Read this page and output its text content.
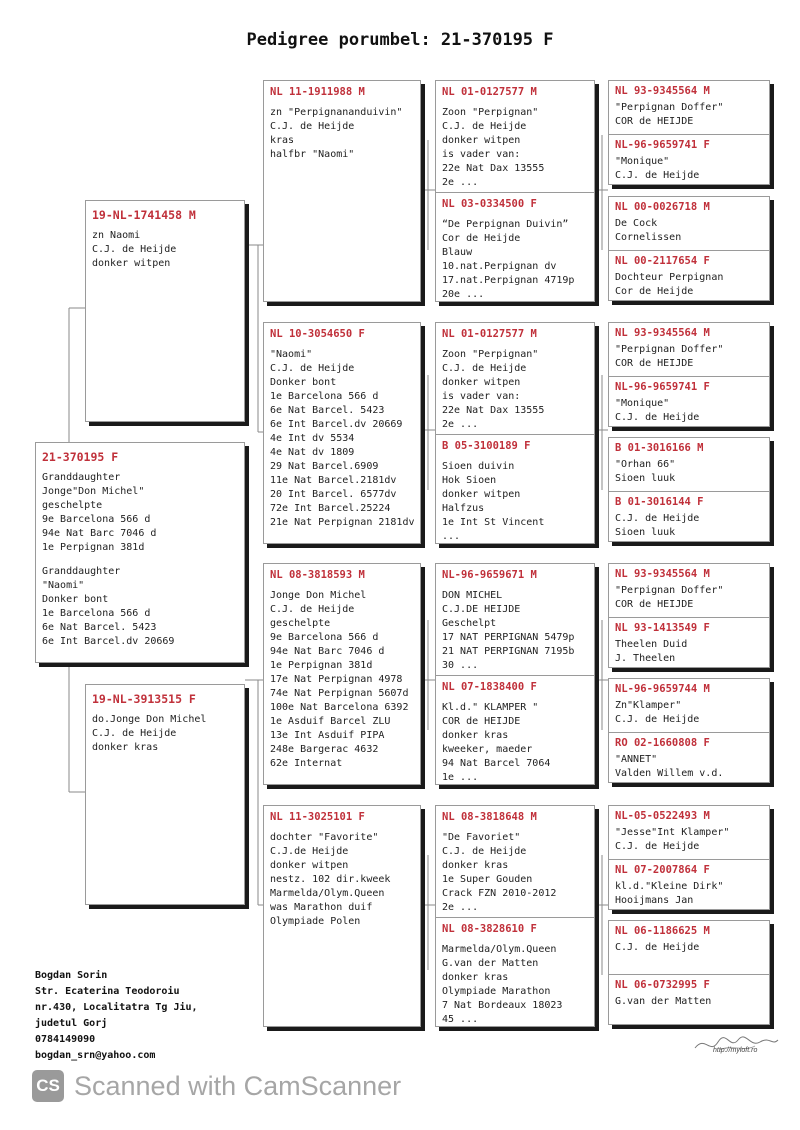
Pedigree porumbel: 21-370195 F
21-370195 F
Granddaughter
Jonge"Don Michel"
geschelpte
9e Barcelona 566 d
94e Nat Barc 7046 d
1e Perpignan 381d
Granddaughter
"Naomi"
Donker bont
1e Barcelona 566 d
6e Nat Barcel. 5423
6e Int Barcel.dv 20669
19-NL-1741458 M
zn Naomi
C.J. de Heijde
donker witpen
19-NL-3913515 F
do.Jonge Don Michel
C.J. de Heijde
donker kras
NL 11-1911988 M
zn "Perpignananduivin"
C.J. de Heijde
kras
halfbr "Naomi"
NL 10-3054650 F
"Naomi"
C.J. de Heijde
Donker bont
1e Barcelona 566 d
6e Nat Barcel. 5423
6e Int Barcel.dv 20669
4e Int dv 5534
4e Nat dv 1809
29 Nat Barcel.6909
11e Nat Barcel.2181dv
20 Int Barcel. 6577dv
72e Int Barcel.25224
21e Nat Perpignan 2181dv
NL 08-3818593 M
Jonge Don Michel
C.J. de Heijde
geschelpte
9e Barcelona 566 d
94e Nat Barc 7046 d
1e Perpignan 381d
17e Nat Perpignan 4978
74e Nat Perpignan 5607d
100e Nat Barcelona 6392
1e Asduif Barcel ZLU
13e Int Asduif PIPA
248e Bargerac 4632
62e Internat
NL 11-3025101 F
dochter "Favorite"
C.J.de Heijde
donker witpen
nestz. 102 dir.kweek
Marmelda/Olym.Queen
was Marathon duif
Olympiade Polen
NL 01-0127577 M
Zoon "Perpignan"
C.J. de Heijde
donker witpen
is vader van:
22e Nat Dax 13555
2e ...
NL 03-0334500 F
“De Perpignan Duivin”
Cor de Heijde
Blauw
10.nat.Perpignan dv
17.nat.Perpignan 4719p
20e ...
NL 01-0127577 M
Zoon "Perpignan"
C.J. de Heijde
donker witpen
is vader van:
22e Nat Dax 13555
2e ...
B 05-3100189 F
Sioen duivin
Hok Sioen
donker witpen
Halfzus
1e Int St Vincent
...
NL-96-9659671 M
DON MICHEL
C.J.DE HEIJDE
Geschelpt
17 NAT PERPIGNAN 5479p
21 NAT PERPIGNAN 7195b
30 ...
NL 07-1838400 F
Kl.d." KLAMPER "
COR de HEIJDE
donker kras
kweeker, maeder
94 Nat Barcel 7064
1e ...
NL 08-3818648 M
"De Favoriet"
C.J. de Heijde
donker kras
1e Super Gouden
Crack FZN 2010-2012
2e ...
NL 08-3828610 F
Marmelda/Olym.Queen
G.van der Matten
donker kras
Olympiade Marathon
7 Nat Bordeaux 18023
45 ...
NL 93-9345564 M
"Perpignan Doffer"
COR de HEIJDE
NL-96-9659741 F
"Monique"
C.J. de Heijde
NL 00-0026718 M
De Cock
Cornelissen
NL 00-2117654 F
Dochteur Perpignan
Cor de Heijde
NL 93-9345564 M
"Perpignan Doffer"
COR de HEIJDE
NL-96-9659741 F
"Monique"
C.J. de Heijde
B 01-3016166 M
"Orhan 66"
Sioen luuk
B 01-3016144 F
C.J. de Heijde
Sioen luuk
NL 93-9345564 M
"Perpignan Doffer"
COR de HEIJDE
NL 93-1413549 F
Theelen Duid
J. Theelen
NL-96-9659744 M
Zn"Klamper"
C.J. de Heijde
RO 02-1660808 F
"ANNET"
Valden Willem v.d.
NL-05-0522493 M
"Jesse"Int Klamper"
C.J. de Heijde
NL 07-2007864 F
kl.d."Kleine Dirk"
Hooijmans Jan
NL 06-1186625 M
C.J. de Heijde
NL 06-0732995 F
G.van der Matten
Bogdan Sorin
Str. Ecaterina Teodoroiu
nr.430, Localitatra Tg Jiu,
judetul Gorj
0784149090
bogdan_srn@yahoo.com	http://myloft.ro
CS Scanned with CamScanner
